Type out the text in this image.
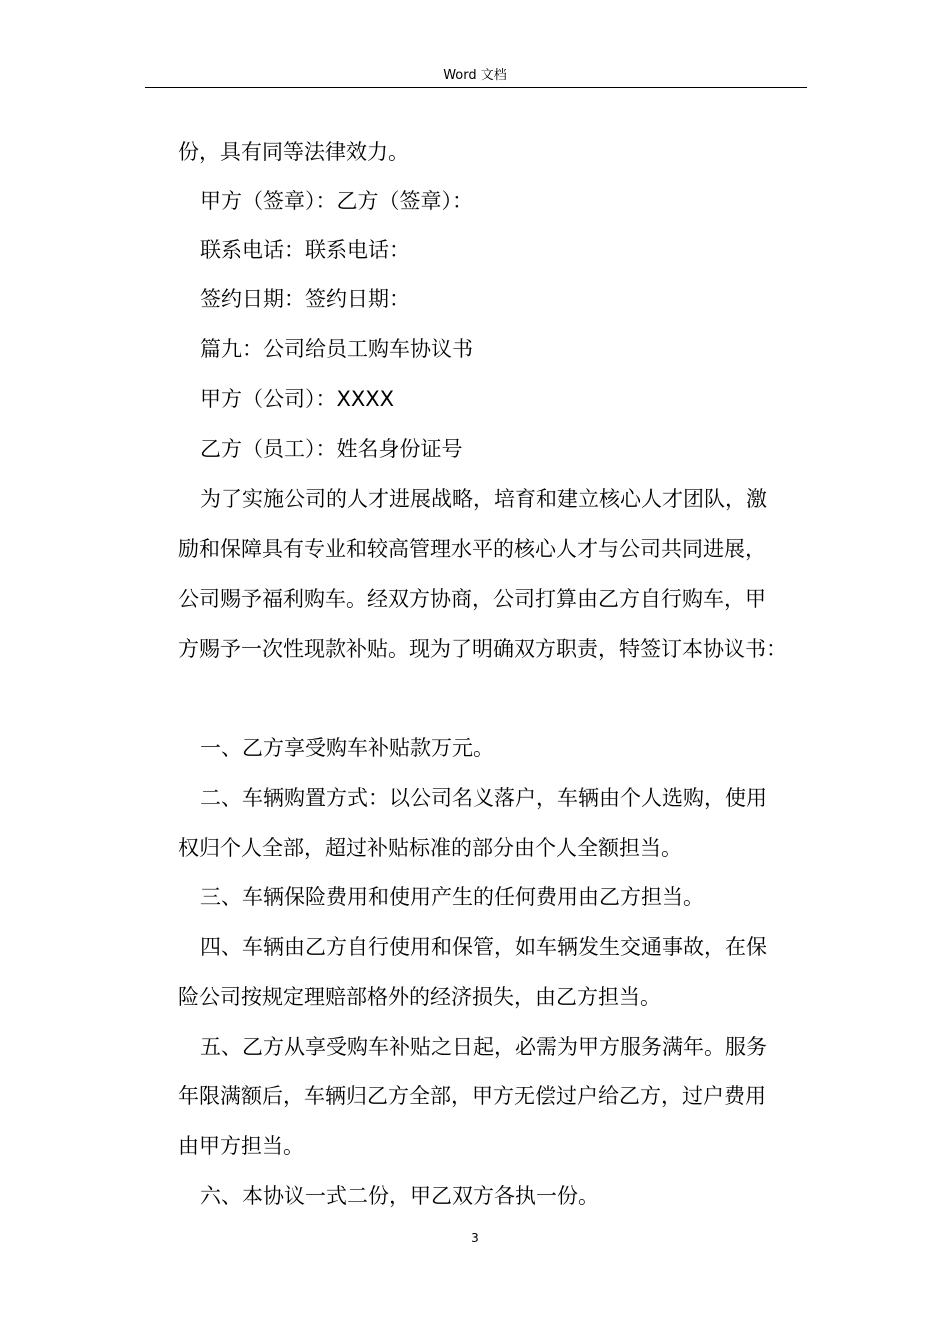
Word 文档
份，具有同等法律效力。
甲方（签章）：乙方（签章）：
联系电话：联系电话：
签约日期：签约日期：
篇九：公司给员工购车协议书
甲方（公司）：XXXX
乙方（员工）：姓名身份证号
为了实施公司的人才进展战略，培育和建立核心人才团队，激
励和保障具有专业和较高管理水平的核心人才与公司共同进展，
公司赐予福利购车。经双方协商，公司打算由乙方自行购车，甲
方赐予一次性现款补贴。现为了明确双方职责，特签订本协议书：
一、乙方享受购车补贴款万元。
二、车辆购置方式：以公司名义落户，车辆由个人选购，使用
权归个人全部，超过补贴标准的部分由个人全额担当。
三、车辆保险费用和使用产生的任何费用由乙方担当。
四、车辆由乙方自行使用和保管，如车辆发生交通事故，在保
险公司按规定理赔部格外的经济损失，由乙方担当。
五、乙方从享受购车补贴之日起，必需为甲方服务满年。服务
年限满额后，车辆归乙方全部，甲方无偿过户给乙方，过户费用
由甲方担当。
六、本协议一式二份，甲乙双方各执一份。
3
